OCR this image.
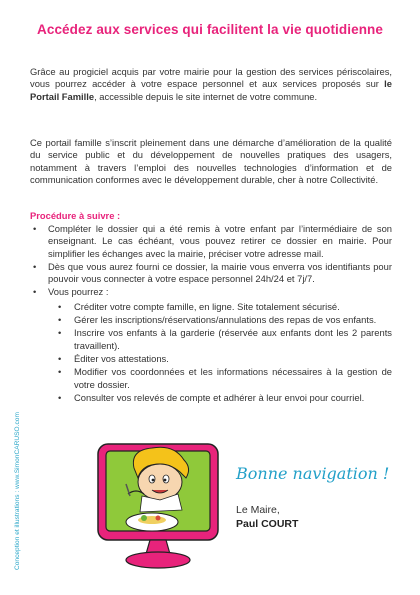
Accédez aux services qui facilitent la vie quotidienne

Grâce au progiciel acquis par votre mairie pour la gestion des services périscolaires, vous pourrez accéder à votre espace personnel et aux services proposés sur le Portail Famille, accessible depuis le site internet de votre commune.

Ce portail famille s’inscrit pleinement dans une démarche d’amélioration de la qualité du service public et du développement de nouvelles pratiques des usagers, notamment à travers l’emploi des nouvelles technologies d’information et de communication conformes avec le développement durable, cher à notre Collectivité.

Procédure à suivre :
• Compléter le dossier qui a été remis à votre enfant par l’intermédiaire de son enseignant. Le cas échéant, vous pouvez retirer ce dossier en mairie. Pour simplifier les échanges avec la mairie, préciser votre adresse mail.
• Dès que vous aurez fourni ce dossier, la mairie vous enverra vos identifiants pour pouvoir vous connecter à votre espace personnel 24h/24 et 7j/7.
• Vous pourrez :
• Créditer votre compte famille, en ligne. Site totalement sécurisé.
• Gérer les inscriptions/réservations/annulations des repas de vos enfants.
• Inscrire vos enfants à la garderie (réservée aux enfants dont les 2 parents travaillent).
• Éditer vos attestations.
• Modifier vos coordonnées et les informations nécessaires à la gestion de votre dossier.
• Consulter vos relevés de compte et adhérer à leur envoi pour courriel.
Conception et illustrations : www.SimonCARUSO.com	Bonne navigation !
Le Maire,
Paul COURT
